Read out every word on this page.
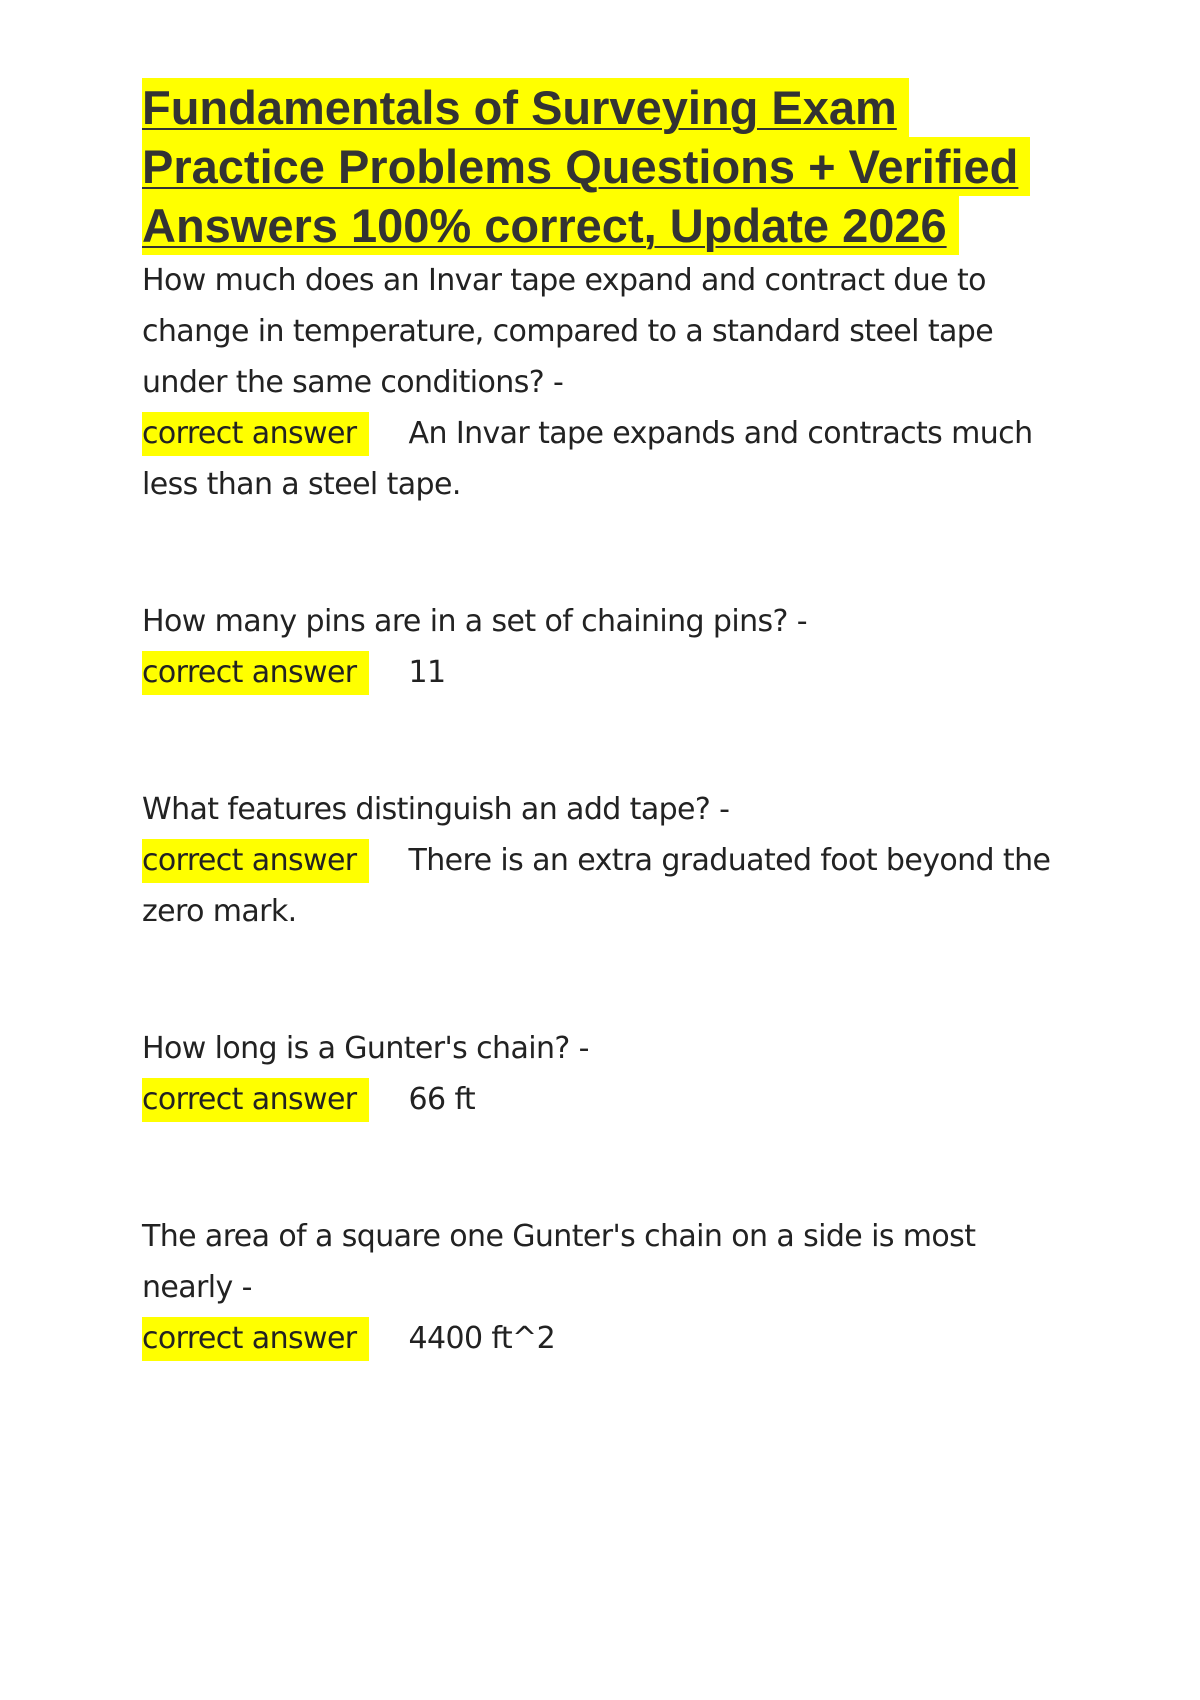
Fundamentals of Surveying Exam
Practice Problems Questions + Verified
Answers 100% correct, Update 2026

How much does an Invar tape expand and contract due to change in temperature, compared to a standard steel tape under the same conditions? -

correct answer An Invar tape expands and contracts much less than a steel tape.

How many pins are in a set of chaining pins? -

correct answer 11

What features distinguish an add tape? -

correct answer There is an extra graduated foot beyond the zero mark.

How long is a Gunter's chain? -

correct answer 66 ft

The area of a square one Gunter's chain on a side is most nearly -

correct answer 4400 ft^2
